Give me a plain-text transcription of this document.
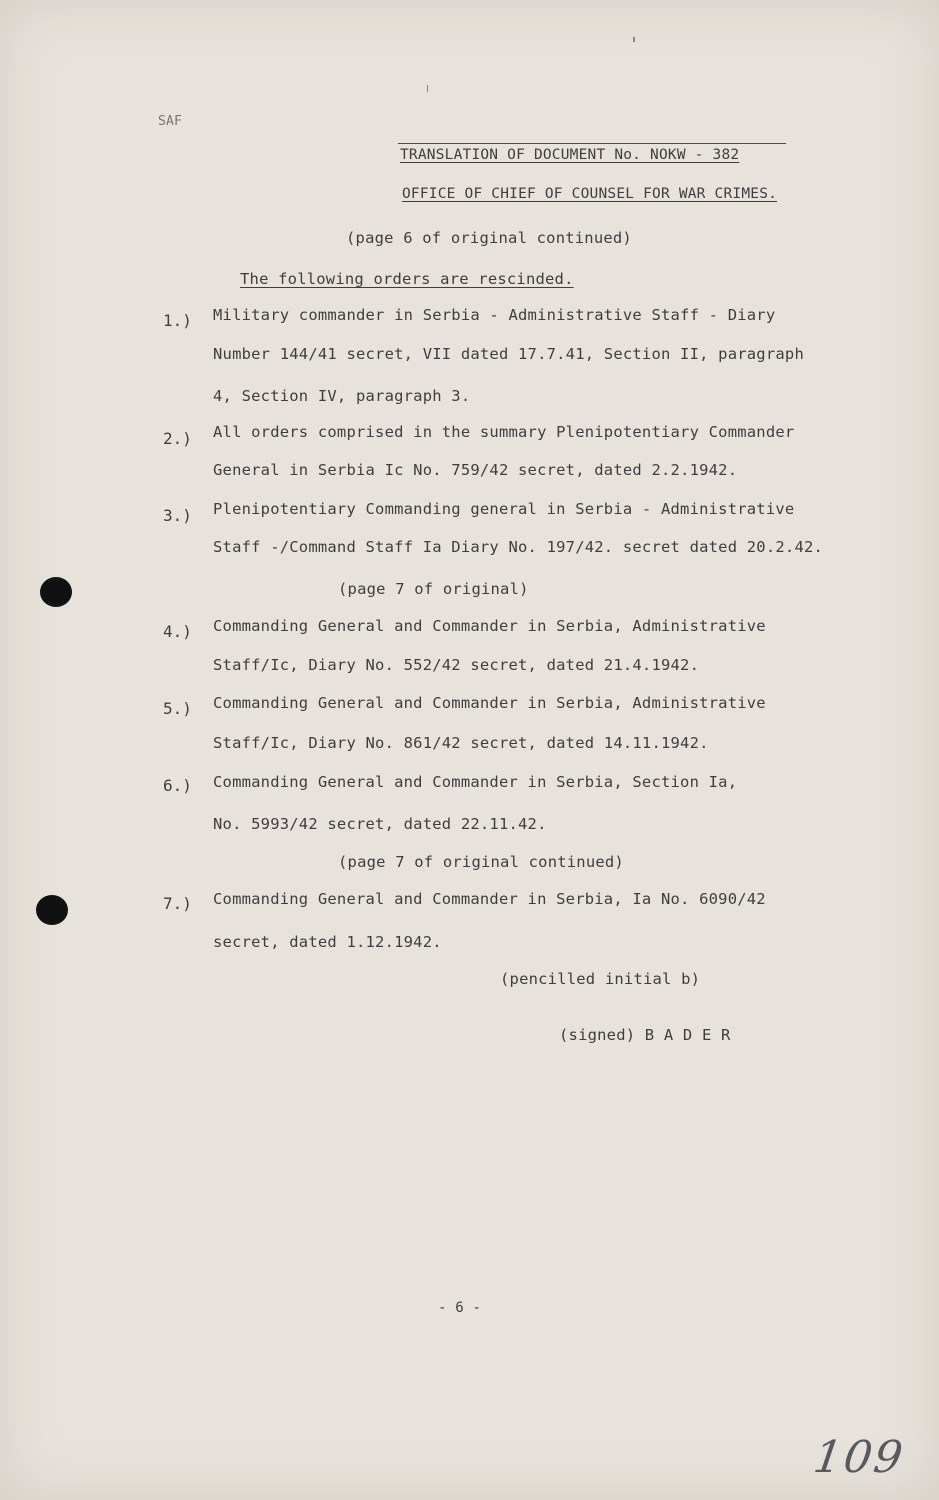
SAF
TRANSLATION OF DOCUMENT No. NOKW - 382
OFFICE OF CHIEF OF COUNSEL FOR WAR CRIMES.
(page 6 of original continued)
The following orders are rescinded.
1.) Military commander in Serbia - Administrative Staff - Diary
Number 144/41 secret, VII dated 17.7.41, Section II, paragraph
4, Section IV, paragraph 3.
2.) All orders comprised in the summary Plenipotentiary Commander
General in Serbia Ic No. 759/42 secret, dated 2.2.1942.
3.) Plenipotentiary Commanding general in Serbia - Administrative
Staff -/Command Staff Ia Diary No. 197/42. secret dated 20.2.42.
(page 7 of original)
4.) Commanding General and Commander in Serbia, Administrative
Staff/Ic, Diary No. 552/42 secret, dated 21.4.1942.
5.) Commanding General and Commander in Serbia, Administrative
Staff/Ic, Diary No. 861/42 secret, dated 14.11.1942.
6.) Commanding General and Commander in Serbia, Section Ia,
No. 5993/42 secret, dated 22.11.42.
(page 7 of original continued)
7.) Commanding General and Commander in Serbia, Ia No. 6090/42
secret, dated 1.12.1942.
(pencilled initial b)
(signed) B A D E R
- 6 -
109
